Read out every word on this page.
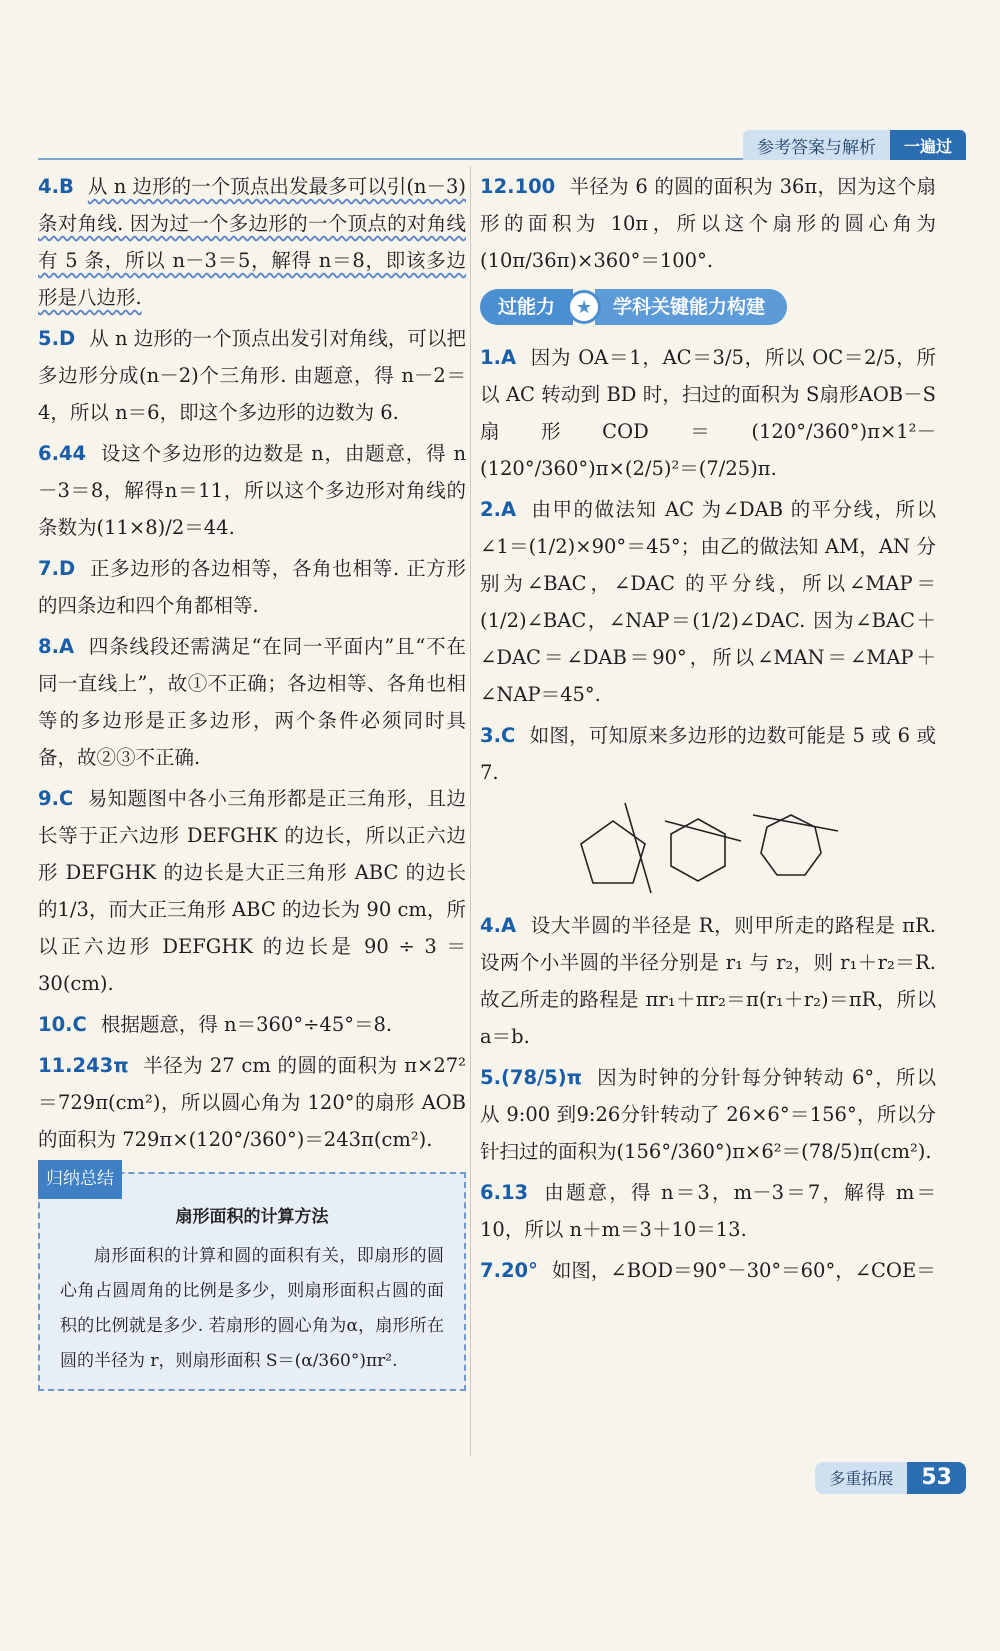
参考答案与解析	一遍过
4.B 从 n 边形的一个顶点出发最多可以引(n－3)条对角线. 因为过一个多边形的一个顶点的对角线有 5 条，所以 n－3＝5，解得 n＝8，即该多边形是八边形.
5.D 从 n 边形的一个顶点出发引对角线，可以把多边形分成(n－2)个三角形. 由题意，得 n－2＝4，所以 n＝6，即这个多边形的边数为 6.
6.44 设这个多边形的边数是 n，由题意，得 n－3＝8，解得n＝11，所以这个多边形对角线的条数为(11×8)/2＝44.
7.D 正多边形的各边相等，各角也相等. 正方形的四条边和四个角都相等.
8.A 四条线段还需满足“在同一平面内”且“不在同一直线上”，故①不正确；各边相等、各角也相等的多边形是正多边形，两个条件必须同时具备，故②③不正确.
9.C 易知题图中各小三角形都是正三角形，且边长等于正六边形 DEFGHK 的边长，所以正六边形 DEFGHK 的边长是大正三角形 ABC 的边长的1/3，而大正三角形 ABC 的边长为 90 cm，所以正六边形 DEFGHK 的边长是 90 ÷ 3 ＝ 30(cm).
10.C 根据题意，得 n＝360°÷45°＝8.
11.243π 半径为 27 cm 的圆的面积为 π×27²＝729π(cm²)，所以圆心角为 120°的扇形 AOB 的面积为 729π×(120°/360°)＝243π(cm²).
归纳总结
扇形面积的计算方法
扇形面积的计算和圆的面积有关，即扇形的圆心角占圆周角的比例是多少，则扇形面积占圆的面积的比例就是多少. 若扇形的圆心角为α，扇形所在圆的半径为 r，则扇形面积 S＝(α/360°)πr².
12.100 半径为 6 的圆的面积为 36π，因为这个扇形的面积为 10π，所以这个扇形的圆心角为(10π/36π)×360°＝100°.
过能力	★	学科关键能力构建
1.A 因为 OA＝1，AC＝3/5，所以 OC＝2/5，所以 AC 转动到 BD 时，扫过的面积为 S扇形AOB－S扇形COD＝(120°/360°)π×1²－(120°/360°)π×(2/5)²＝(7/25)π.
2.A 由甲的做法知 AC 为∠DAB 的平分线，所以∠1＝(1/2)×90°＝45°；由乙的做法知 AM，AN 分别为∠BAC，∠DAC 的平分线，所以∠MAP＝(1/2)∠BAC，∠NAP＝(1/2)∠DAC. 因为∠BAC＋∠DAC＝∠DAB＝90°，所以∠MAN＝∠MAP＋∠NAP＝45°.
3.C 如图，可知原来多边形的边数可能是 5 或 6 或 7.
4.A 设大半圆的半径是 R，则甲所走的路程是 πR. 设两个小半圆的半径分别是 r₁ 与 r₂，则 r₁＋r₂＝R. 故乙所走的路程是 πr₁＋πr₂＝π(r₁＋r₂)＝πR，所以 a＝b.
5.(78/5)π 因为时钟的分针每分钟转动 6°，所以从 9:00 到9:26分针转动了 26×6°＝156°，所以分针扫过的面积为(156°/360°)π×6²＝(78/5)π(cm²).
6.13 由题意，得 n＝3，m－3＝7，解得 m＝10，所以 n＋m＝3＋10＝13.
7.20° 如图，∠BOD＝90°－30°＝60°，∠COE＝
多重拓展	53
